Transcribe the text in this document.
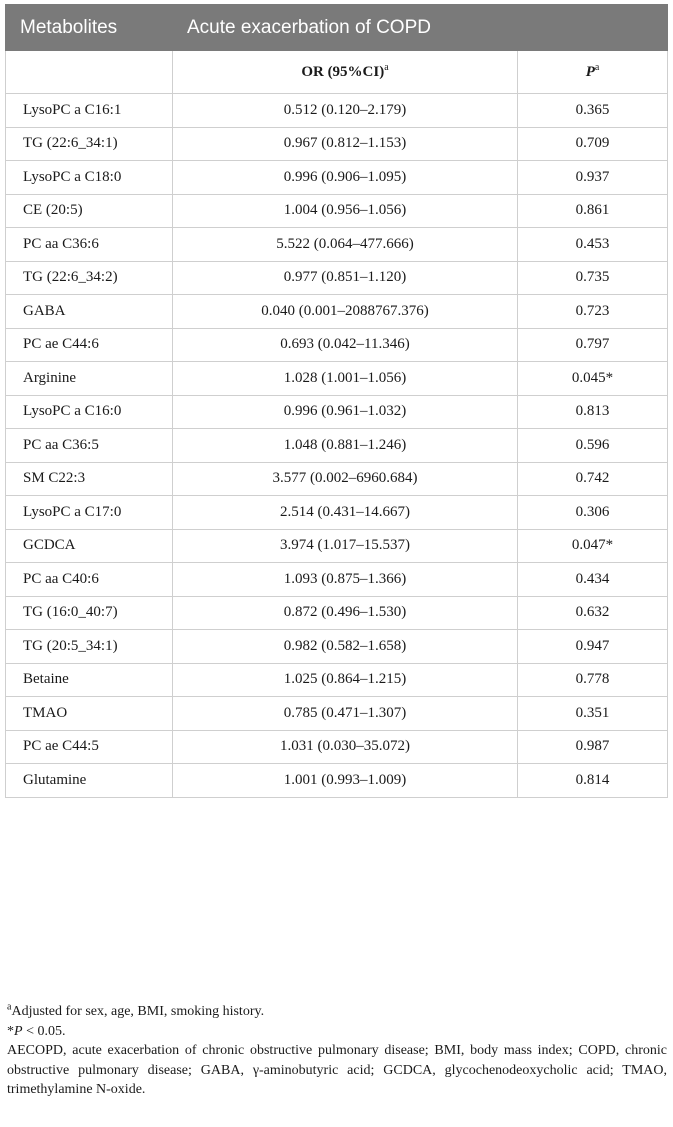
Metabolites	Acute exacerbation of COPD	
	OR $(95\%CI)^a$	$P^a$
LysoPC a C16:1	0.512 (0.120–2.179)	0.365
TG (22:6_34:1)	0.967 (0.812–1.153)	0.709
LysoPC a C18:0	0.996 (0.906–1.095)	0.937
CE (20:5)	1.004 (0.956–1.056)	0.861
PC aa C36:6	5.522 (0.064–477.666)	0.453
TG (22:6_34:2)	0.977 (0.851–1.120)	0.735
GABA	0.040 (0.001–2088767.376)	0.723
PC ae C44:6	0.693 (0.042–11.346)	0.797
Arginine	1.028 (1.001–1.056)	0.045*
LysoPC a C16:0	0.996 (0.961–1.032)	0.813
PC aa C36:5	1.048 (0.881–1.246)	0.596
SM C22:3	3.577 (0.002–6960.684)	0.742
LysoPC a C17:0	2.514 (0.431–14.667)	0.306
GCDCA	3.974 (1.017–15.537)	0.047*
PC aa C40:6	1.093 (0.875–1.366)	0.434
TG (16:0_40:7)	0.872 (0.496–1.530)	0.632
TG (20:5_34:1)	0.982 (0.582–1.658)	0.947
Betaine	1.025 (0.864–1.215)	0.778
TMAO	0.785 (0.471–1.307)	0.351
PC ae C44:5	1.031 (0.030–35.072)	0.987
Glutamine	1.001 (0.993–1.009)	0.814

$^a$Adjusted for sex, age, BMI, smoking history.

*P < 0.05.

AECOPD, acute exacerbation of chronic obstructive pulmonary disease; BMI, body mass index; COPD, chronic obstructive pulmonary disease; GABA, γ-aminobutyric acid; GCDCA, glycochenodeoxycholic acid; TMAO, trimethylamine N-oxide.
